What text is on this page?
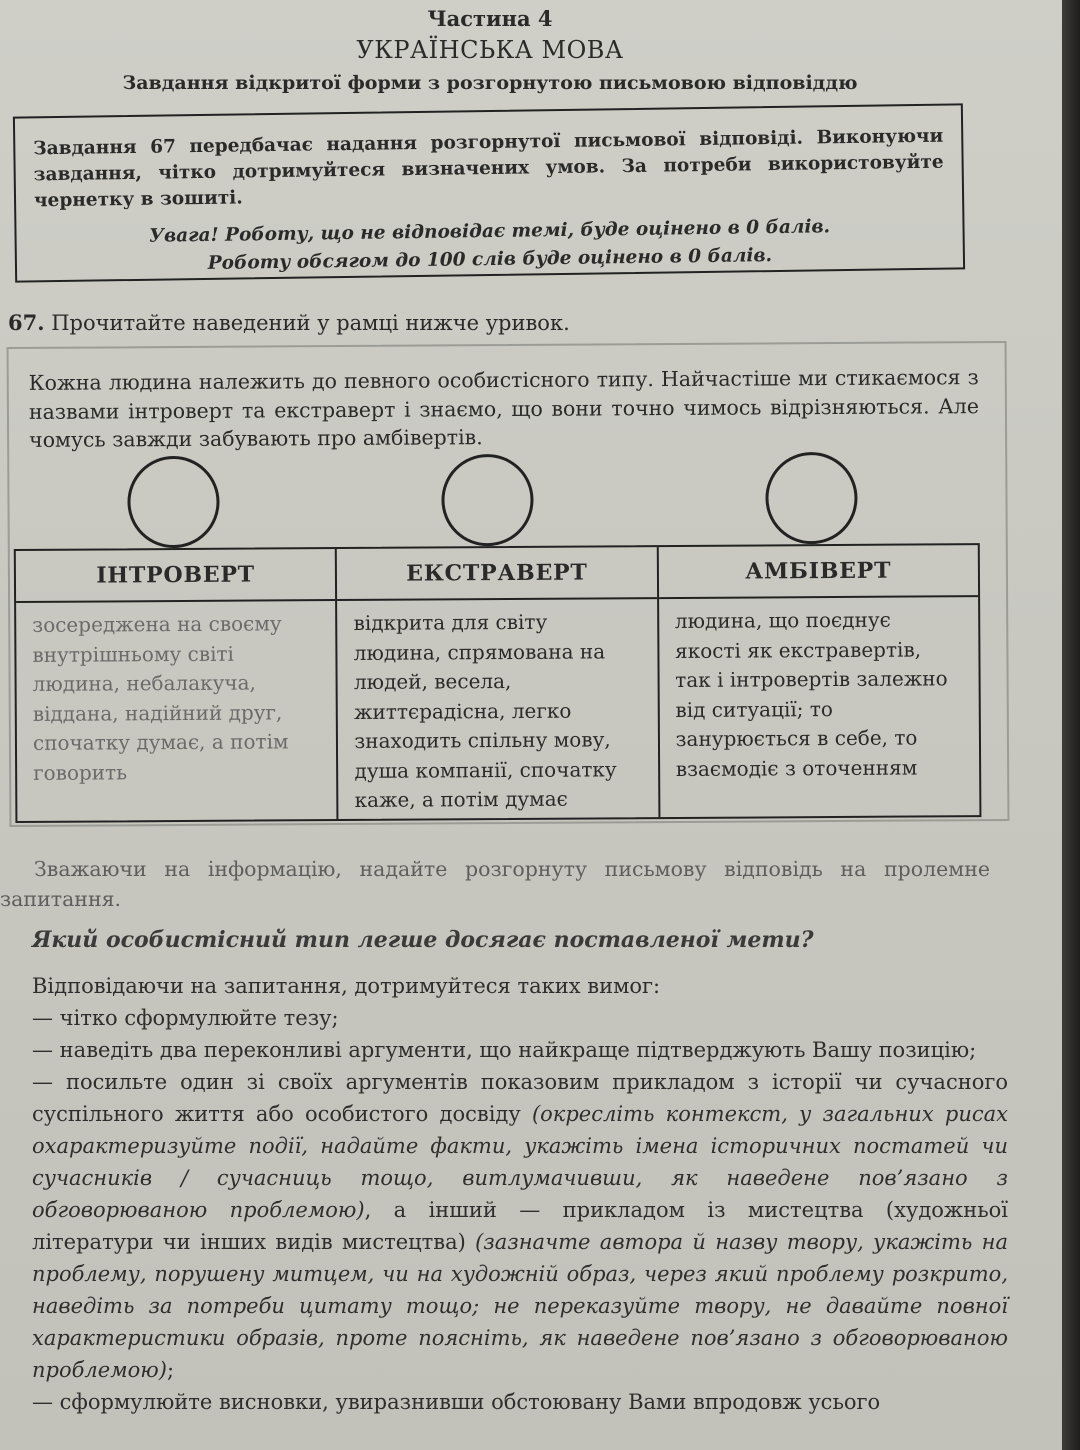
Частина 4
УКРАЇНСЬКА МОВА
Завдання відкритої форми з розгорнутою письмовою відповіддю
Завдання 67 передбачає надання розгорнутої письмової відповіді. Виконуючи завдання, чітко дотримуйтеся визначених умов. За потреби використовуйте чернетку в зошиті.
Увага! Роботу, що не відповідає темі, буде оцінено в 0 балів.
Роботу обсягом до 100 слів буде оцінено в 0 балів.
67. Прочитайте наведений у рамці нижче уривок.
Кожна людина належить до певного особистісного типу. Найчастіше ми стикаємося з назвами інтроверт та екстраверт і знаємо, що вони точно чимось відрізняються. Але чомусь завжди забувають про амбівертів.
ІНТРОВЕРТ
зосереджена на своєму внутрішньому світі людина, небалакуча, віддана, надійний друг, спочатку думає, а потім говорить
ЕКСТРАВЕРТ
відкрита для світу людина, спрямована на людей, весела, життєрадісна, легко знаходить спільну мову, душа компанії, спочатку каже, а потім думає
АМБІВЕРТ
людина, що поєднує якості як екстравертів, так і інтровертів залежно від ситуації; то занурюється в себе, то взаємодіє з оточенням
Зважаючи на інформацію, надайте розгорнуту письмову відповідь на пролемне запитання.
Який особистісний тип легше досягає поставленої мети?

Відповідаючи на запитання, дотримуйтеся таких вимог:

— чітко сформулюйте тезу;

— наведіть два переконливі аргументи, що найкраще підтверджують Вашу позицію;

— посильте один зі своїх аргументів показовим прикладом з історії чи сучасного суспільного життя або особистого досвіду (окресліть контекст, у загальних рисах охарактеризуйте події, надайте факти, укажіть імена історичних постатей чи сучасників / сучасниць тощо, витлумачивши, як наведене пов’язано з обговорюваною проблемою), а інший — прикладом із мистецтва (художньої літератури чи інших видів мистецтва) (зазначте автора й назву твору, укажіть на проблему, порушену митцем, чи на художній образ, через який проблему розкрито, наведіть за потреби цитату тощо; не переказуйте твору, не давайте повної характеристики образів, проте поясніть, як наведене пов’язано з обговорюваною проблемою);

— сформулюйте висновки, увиразнивши обстоювану Вами впродовж усього
